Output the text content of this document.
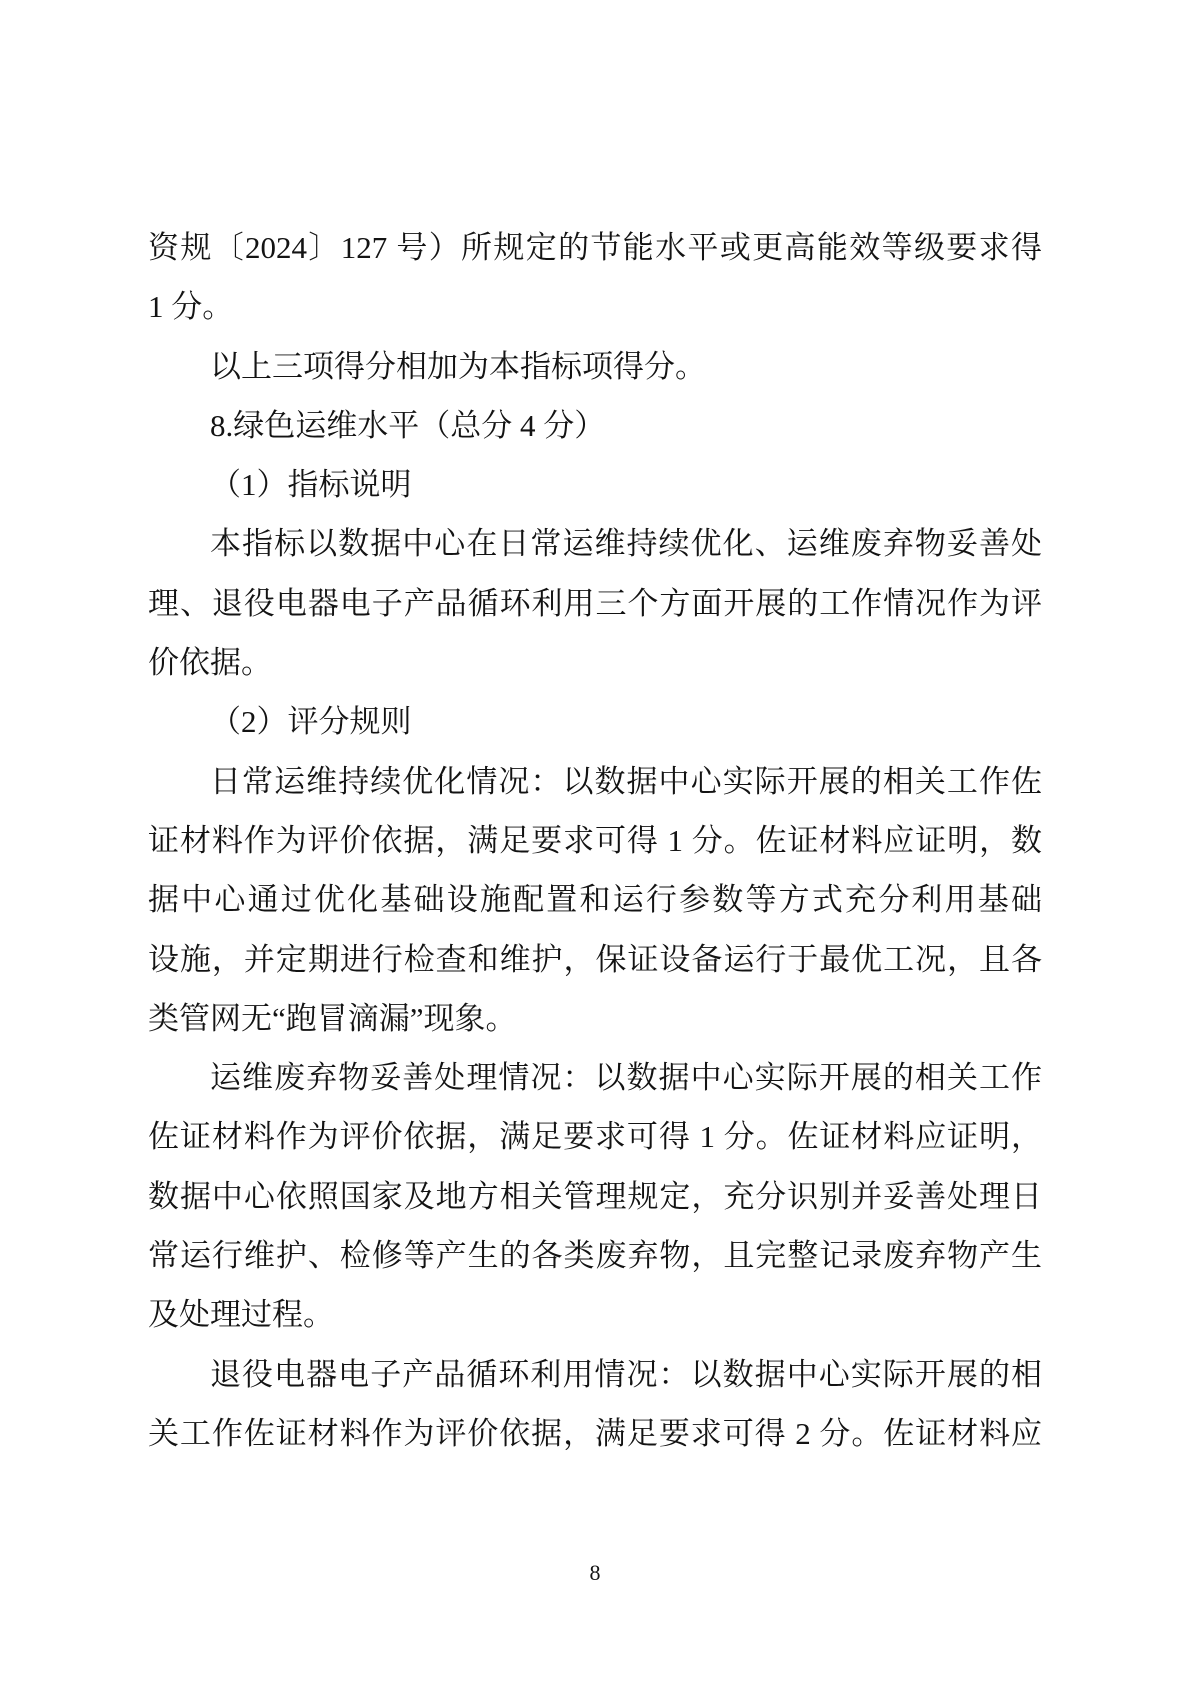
资规〔2024〕127 号）所规定的节能水平或更高能效等级要求得
1 分。
以上三项得分相加为本指标项得分。
8.绿色运维水平（总分 4 分）
（1）指标说明
本指标以数据中心在日常运维持续优化、运维废弃物妥善处
理、退役电器电子产品循环利用三个方面开展的工作情况作为评
价依据。
（2）评分规则
日常运维持续优化情况：以数据中心实际开展的相关工作佐
证材料作为评价依据，满足要求可得 1 分。佐证材料应证明，数
据中心通过优化基础设施配置和运行参数等方式充分利用基础
设施，并定期进行检查和维护，保证设备运行于最优工况，且各
类管网无“跑冒滴漏”现象。
运维废弃物妥善处理情况：以数据中心实际开展的相关工作
佐证材料作为评价依据，满足要求可得 1 分。佐证材料应证明，
数据中心依照国家及地方相关管理规定，充分识别并妥善处理日
常运行维护、检修等产生的各类废弃物，且完整记录废弃物产生
及处理过程。
退役电器电子产品循环利用情况：以数据中心实际开展的相
关工作佐证材料作为评价依据，满足要求可得 2 分。佐证材料应
8
